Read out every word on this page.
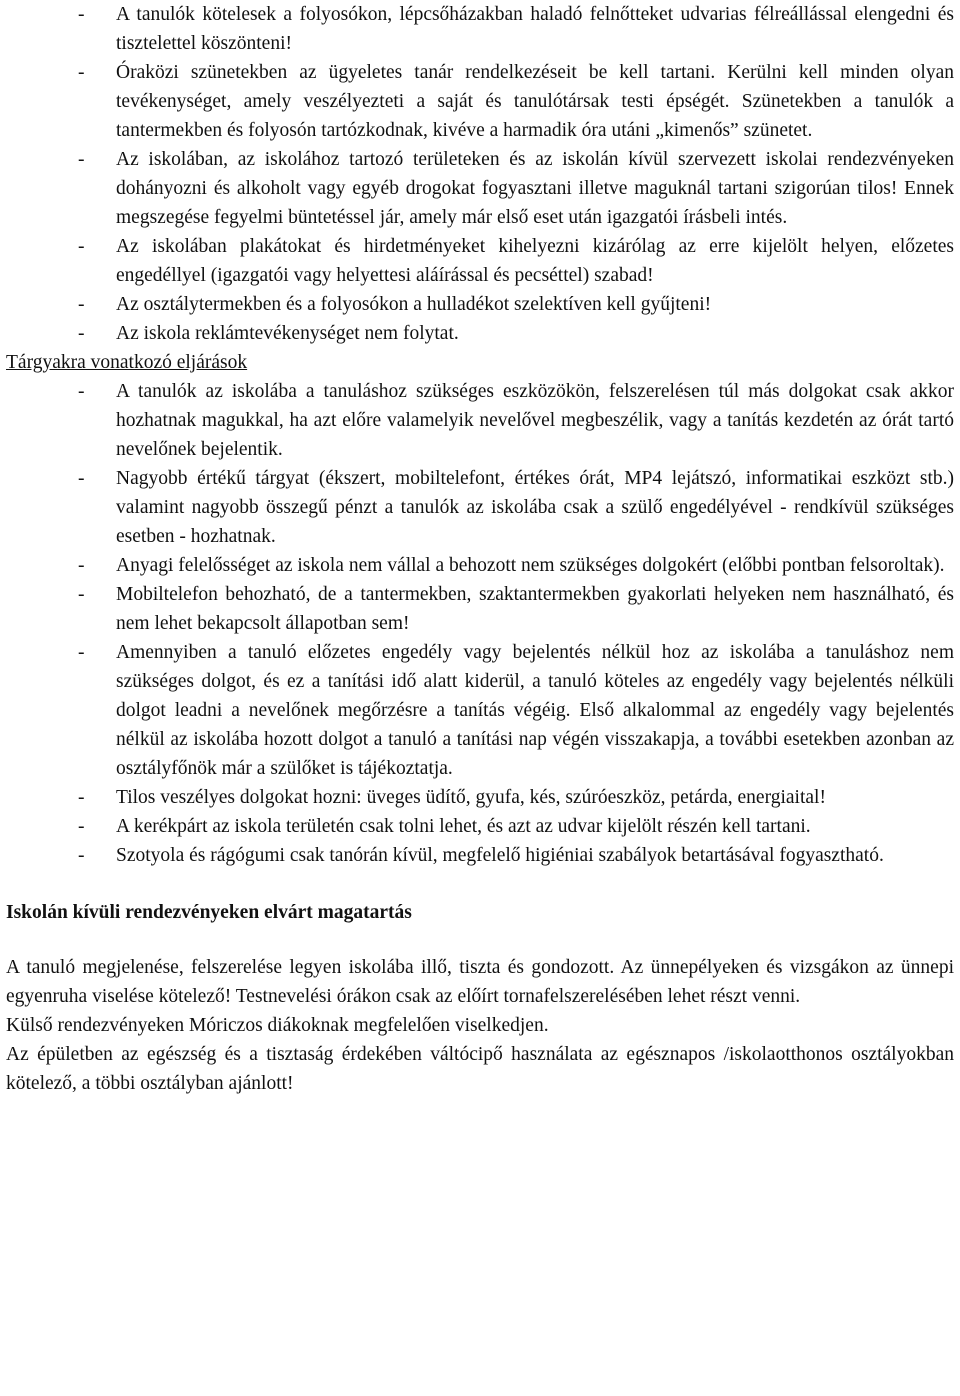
- A tanulók kötelesek a folyosókon, lépcsőházakban haladó felnőtteket udvarias félreállással elengedni és tisztelettel köszönteni!
- Óraközi szünetekben az ügyeletes tanár rendelkezéseit be kell tartani. Kerülni kell minden olyan tevékenységet, amely veszélyezteti a saját és tanulótársak testi épségét. Szünetekben a tanulók a tantermekben és folyosón tartózkodnak, kivéve a harmadik óra utáni „kimenős” szünetet.
- Az iskolában, az iskolához tartozó területeken és az iskolán kívül szervezett iskolai rendezvényeken dohányozni és alkoholt vagy egyéb drogokat fogyasztani illetve maguknál tartani szigorúan tilos! Ennek megszegése fegyelmi büntetéssel jár, amely már első eset után igazgatói írásbeli intés.
- Az iskolában plakátokat és hirdetményeket kihelyezni kizárólag az erre kijelölt helyen, előzetes engedéllyel (igazgatói vagy helyettesi aláírással és pecséttel) szabad!
- Az osztálytermekben és a folyosókon a hulladékot szelektíven kell gyűjteni!
- Az iskola reklámtevékenységet nem folytat.
Tárgyakra vonatkozó eljárások
- A tanulók az iskolába a tanuláshoz szükséges eszközökön, felszerelésen túl más dolgokat csak akkor hozhatnak magukkal, ha azt előre valamelyik nevelővel megbeszélik, vagy a tanítás kezdetén az órát tartó nevelőnek bejelentik.
- Nagyobb értékű tárgyat (ékszert, mobiltelefont, értékes órát, MP4 lejátszó, informatikai eszközt stb.) valamint nagyobb összegű pénzt a tanulók az iskolába csak a szülő engedélyével - rendkívül szükséges esetben - hozhatnak.
- Anyagi felelősséget az iskola nem vállal a behozott nem szükséges dolgokért (előbbi pontban felsoroltak).
- Mobiltelefon behozható, de a tantermekben, szaktantermekben gyakorlati helyeken nem használható, és nem lehet bekapcsolt állapotban sem!
- Amennyiben a tanuló előzetes engedély vagy bejelentés nélkül hoz az iskolába a tanuláshoz nem szükséges dolgot, és ez a tanítási idő alatt kiderül, a tanuló köteles az engedély vagy bejelentés nélküli dolgot leadni a nevelőnek megőrzésre a tanítás végéig. Első alkalommal az engedély vagy bejelentés nélkül az iskolába hozott dolgot a tanuló a tanítási nap végén visszakapja, a további esetekben azonban az osztályfőnök már a szülőket is tájékoztatja.
- Tilos veszélyes dolgokat hozni: üveges üdítő, gyufa, kés, szúróeszköz, petárda, energiaital!
- A kerékpárt az iskola területén csak tolni lehet, és azt az udvar kijelölt részén kell tartani.
- Szotyola és rágógumi csak tanórán kívül, megfelelő higiéniai szabályok betartásával fogyasztható.
Iskolán kívüli rendezvényeken elvárt magatartás

A tanuló megjelenése, felszerelése legyen iskolába illő, tiszta és gondozott. Az ünnepélyeken és vizsgákon az ünnepi egyenruha viselése kötelező! Testnevelési órákon csak az előírt tornafelszerelésében lehet részt venni.

Külső rendezvényeken Móriczos diákoknak megfelelően viselkedjen.

Az épületben az egészség és a tisztaság érdekében váltócipő használata az egésznapos /iskolaotthonos osztályokban kötelező, a többi osztályban ajánlott!
